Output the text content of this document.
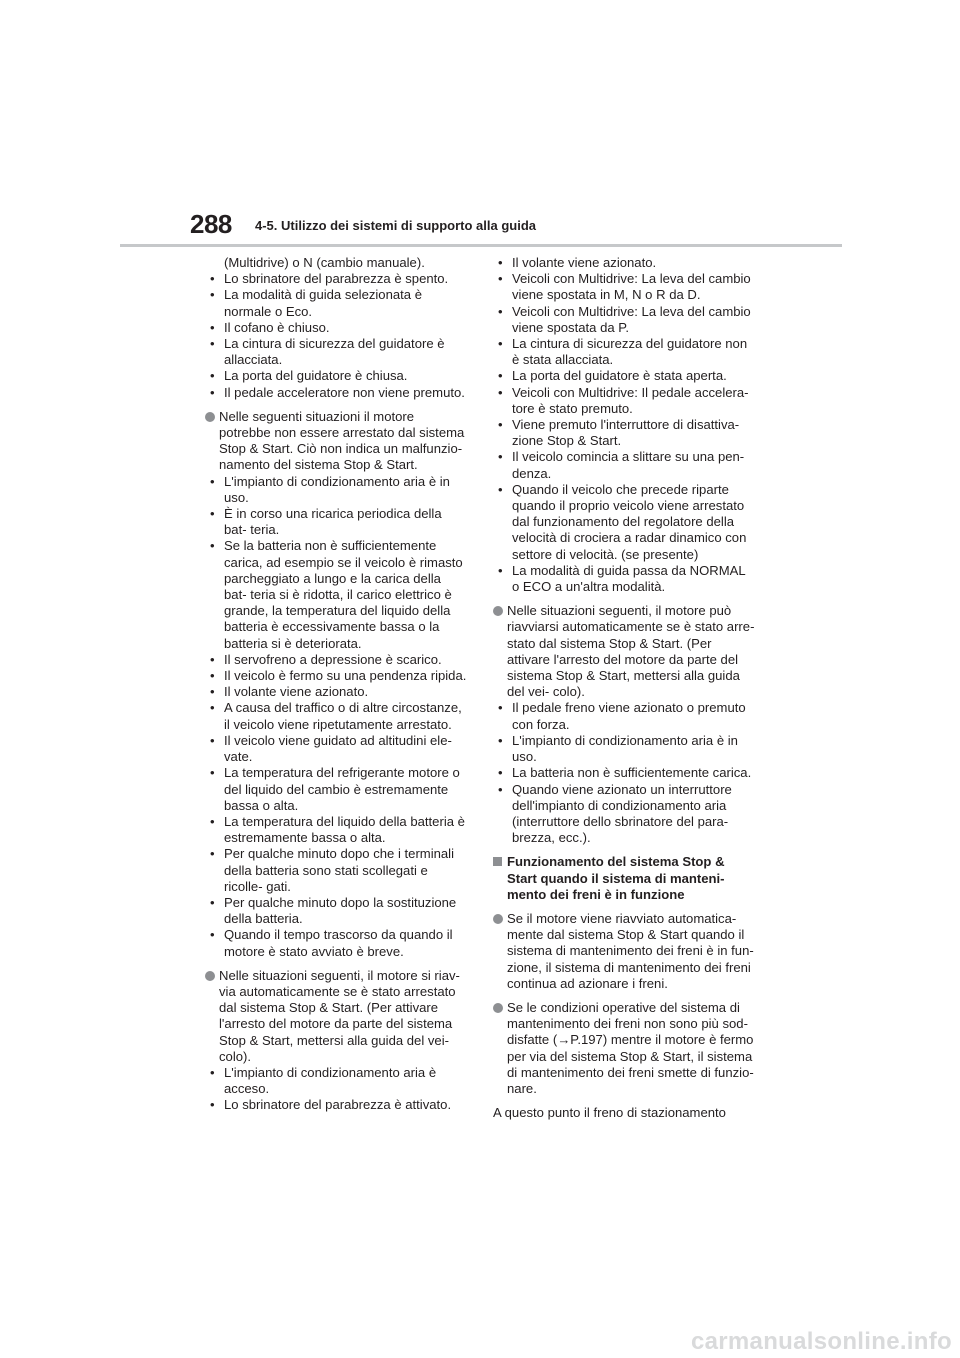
288 4-5. Utilizzo dei sistemi di supporto alla guida

(Multidrive) o N (cambio manuale).

• Lo sbrinatore del parabrezza è spento.

• La modalità di guida selezionata è normale o Eco.

• Il cofano è chiuso.

• La cintura di sicurezza del guidatore è allacciata.

• La porta del guidatore è chiusa.

• Il pedale acceleratore non viene premuto.

Nelle seguenti situazioni il motore potrebbe non essere arrestato dal sistema Stop & Start. Ciò non indica un malfunzio- namento del sistema Stop & Start.

• L'impianto di condizionamento aria è in uso.

• È in corso una ricarica periodica della bat- teria.

• Se la batteria non è sufficientemente carica, ad esempio se il veicolo è rimasto parcheggiato a lungo e la carica della bat- teria si è ridotta, il carico elettrico è grande, la temperatura del liquido della batteria è eccessivamente bassa o la batteria si è deteriorata.

• Il servofreno a depressione è scarico.

• Il veicolo è fermo su una pendenza ripida.

• Il volante viene azionato.

• A causa del traffico o di altre circostanze, il veicolo viene ripetutamente arrestato.

• Il veicolo viene guidato ad altitudini ele- vate.

• La temperatura del refrigerante motore o del liquido del cambio è estremamente bassa o alta.

• La temperatura del liquido della batteria è estremamente bassa o alta.

• Per qualche minuto dopo che i terminali della batteria sono stati scollegati e ricolle- gati.

• Per qualche minuto dopo la sostituzione della batteria.

• Quando il tempo trascorso da quando il motore è stato avviato è breve.

Nelle situazioni seguenti, il motore si riav- via automaticamente se è stato arrestato dal sistema Stop & Start. (Per attivare l'arresto del motore da parte del sistema Stop & Start, mettersi alla guida del vei- colo).

• L'impianto di condizionamento aria è acceso.

• Lo sbrinatore del parabrezza è attivato.

• Il volante viene azionato.

• Veicoli con Multidrive: La leva del cambio viene spostata in M, N o R da D.

• Veicoli con Multidrive: La leva del cambio viene spostata da P.

• La cintura di sicurezza del guidatore non è stata allacciata.

• La porta del guidatore è stata aperta.

• Veicoli con Multidrive: Il pedale accelera- tore è stato premuto.

• Viene premuto l'interruttore di disattiva- zione Stop & Start.

• Il veicolo comincia a slittare su una pen- denza.

• Quando il veicolo che precede riparte quando il proprio veicolo viene arrestato dal funzionamento del regolatore della velocità di crociera a radar dinamico con settore di velocità. (se presente)

• La modalità di guida passa da NORMAL o ECO a un'altra modalità.

Nelle situazioni seguenti, il motore può riavviarsi automaticamente se è stato arre- stato dal sistema Stop & Start. (Per attivare l'arresto del motore da parte del sistema Stop & Start, mettersi alla guida del vei- colo).

• Il pedale freno viene azionato o premuto con forza.

• L'impianto di condizionamento aria è in uso.

• La batteria non è sufficientemente carica.

• Quando viene azionato un interruttore dell'impianto di condizionamento aria (interruttore dello sbrinatore del para- brezza, ecc.).

Funzionamento del sistema Stop & Start quando il sistema di manteni- mento dei freni è in funzione

Se il motore viene riavviato automatica- mente dal sistema Stop & Start quando il sistema di mantenimento dei freni è in fun- zione, il sistema di mantenimento dei freni continua ad azionare i freni.

Se le condizioni operative del sistema di mantenimento dei freni non sono più sod- disfatte (→P.197) mentre il motore è fermo per via del sistema Stop & Start, il sistema di mantenimento dei freni smette di funzio- nare.

A questo punto il freno di stazionamento

carmanualsonline.info
